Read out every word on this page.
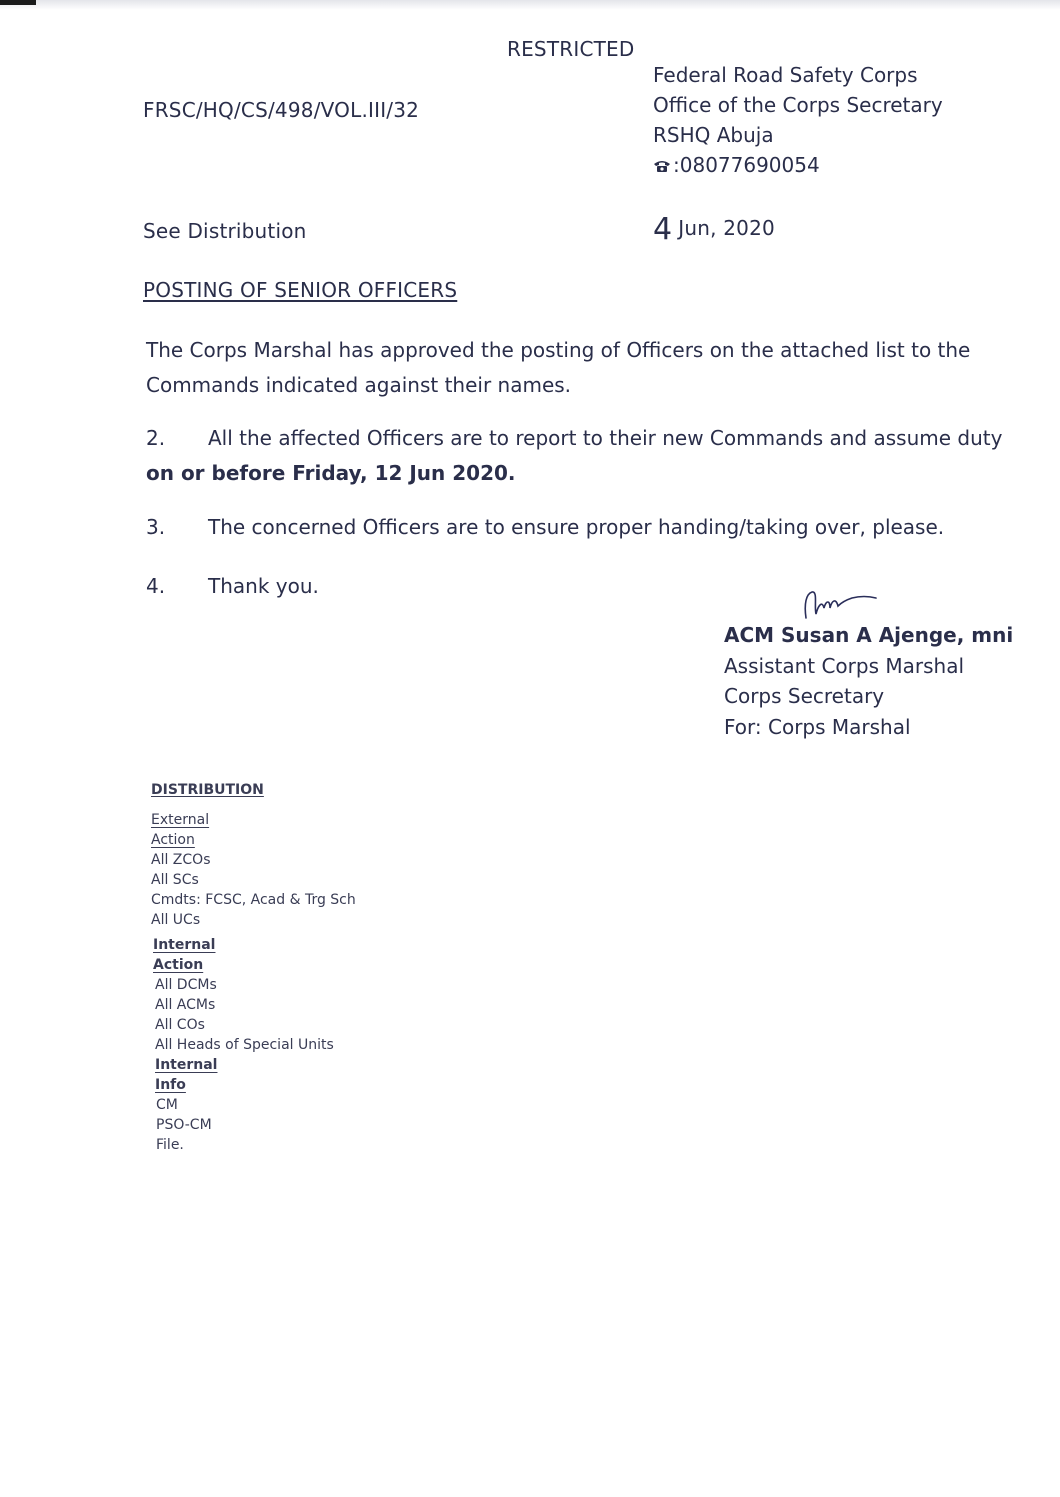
RESTRICTED
FRSC/HQ/CS/498/VOL.III/32
Federal Road Safety Corps
Office of the Corps Secretary
RSHQ Abuja
:08077690054
See Distribution	4 Jun, 2020
POSTING OF SENIOR OFFICERS
The Corps Marshal has approved the posting of Officers on the attached list to the
Commands indicated against their names.
2. All the affected Officers are to report to their new Commands and assume duty
on or before Friday, 12 Jun 2020.
3. The concerned Officers are to ensure proper handing/taking over, please.
4. Thank you.
ACM Susan A Ajenge, mni
Assistant Corps Marshal
Corps Secretary
For: Corps Marshal
DISTRIBUTION
External
Action
All ZCOs
All SCs
Cmdts: FCSC, Acad & Trg Sch
All UCs
Internal
Action
All DCMs
All ACMs
All COs
All Heads of Special Units
Internal
Info
CM
PSO-CM
File.
